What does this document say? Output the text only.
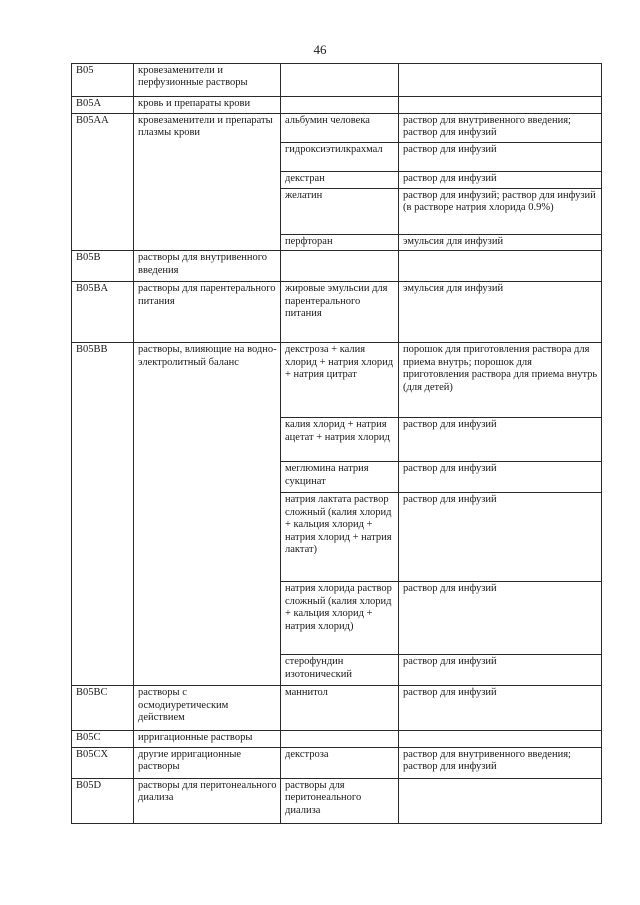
46
B05	кровезаменители и перфузионные растворы		
B05A	кровь и препараты крови		
B05AA	кровезаменители и препараты плазмы крови	альбумин человека	раствор для внутривенного введения; раствор для инфузий
		гидроксиэтилкрахмал	раствор для инфузий
		декстран	раствор для инфузий
		желатин	раствор для инфузий; раствор для инфузий (в растворе натрия хлорида 0.9%)
		перфторан	эмульсия для инфузий
B05B	растворы для внутривенного введения		
B05BA	растворы для парентерального питания	жировые эмульсии для парентерального питания	эмульсия для инфузий
B05BB	растворы, влияющие на водно-электролитный баланс	декстроза + калия хлорид + натрия хлорид + натрия цитрат	порошок для приготовления раствора для приема внутрь; порошок для приготовления раствора для приема внутрь (для детей)
		калия хлорид + натрия ацетат + натрия хлорид	раствор для инфузий
		меглюмина натрия сукцинат	раствор для инфузий
		натрия лактата раствор сложный (калия хлорид + кальция хлорид + натрия хлорид + натрия лактат)	раствор для инфузий
		натрия хлорида раствор сложный (калия хлорид + кальция хлорид + натрия хлорид)	раствор для инфузий
		стерофундин изотонический	раствор для инфузий
B05BC	растворы с осмодиуретическим действием	маннитол	раствор для инфузий
B05C	ирригационные растворы		
B05CX	другие ирригационные растворы	декстроза	раствор для внутривенного введения; раствор для инфузий
B05D	растворы для перитонеального диализа	растворы для перитонеального диализа	
